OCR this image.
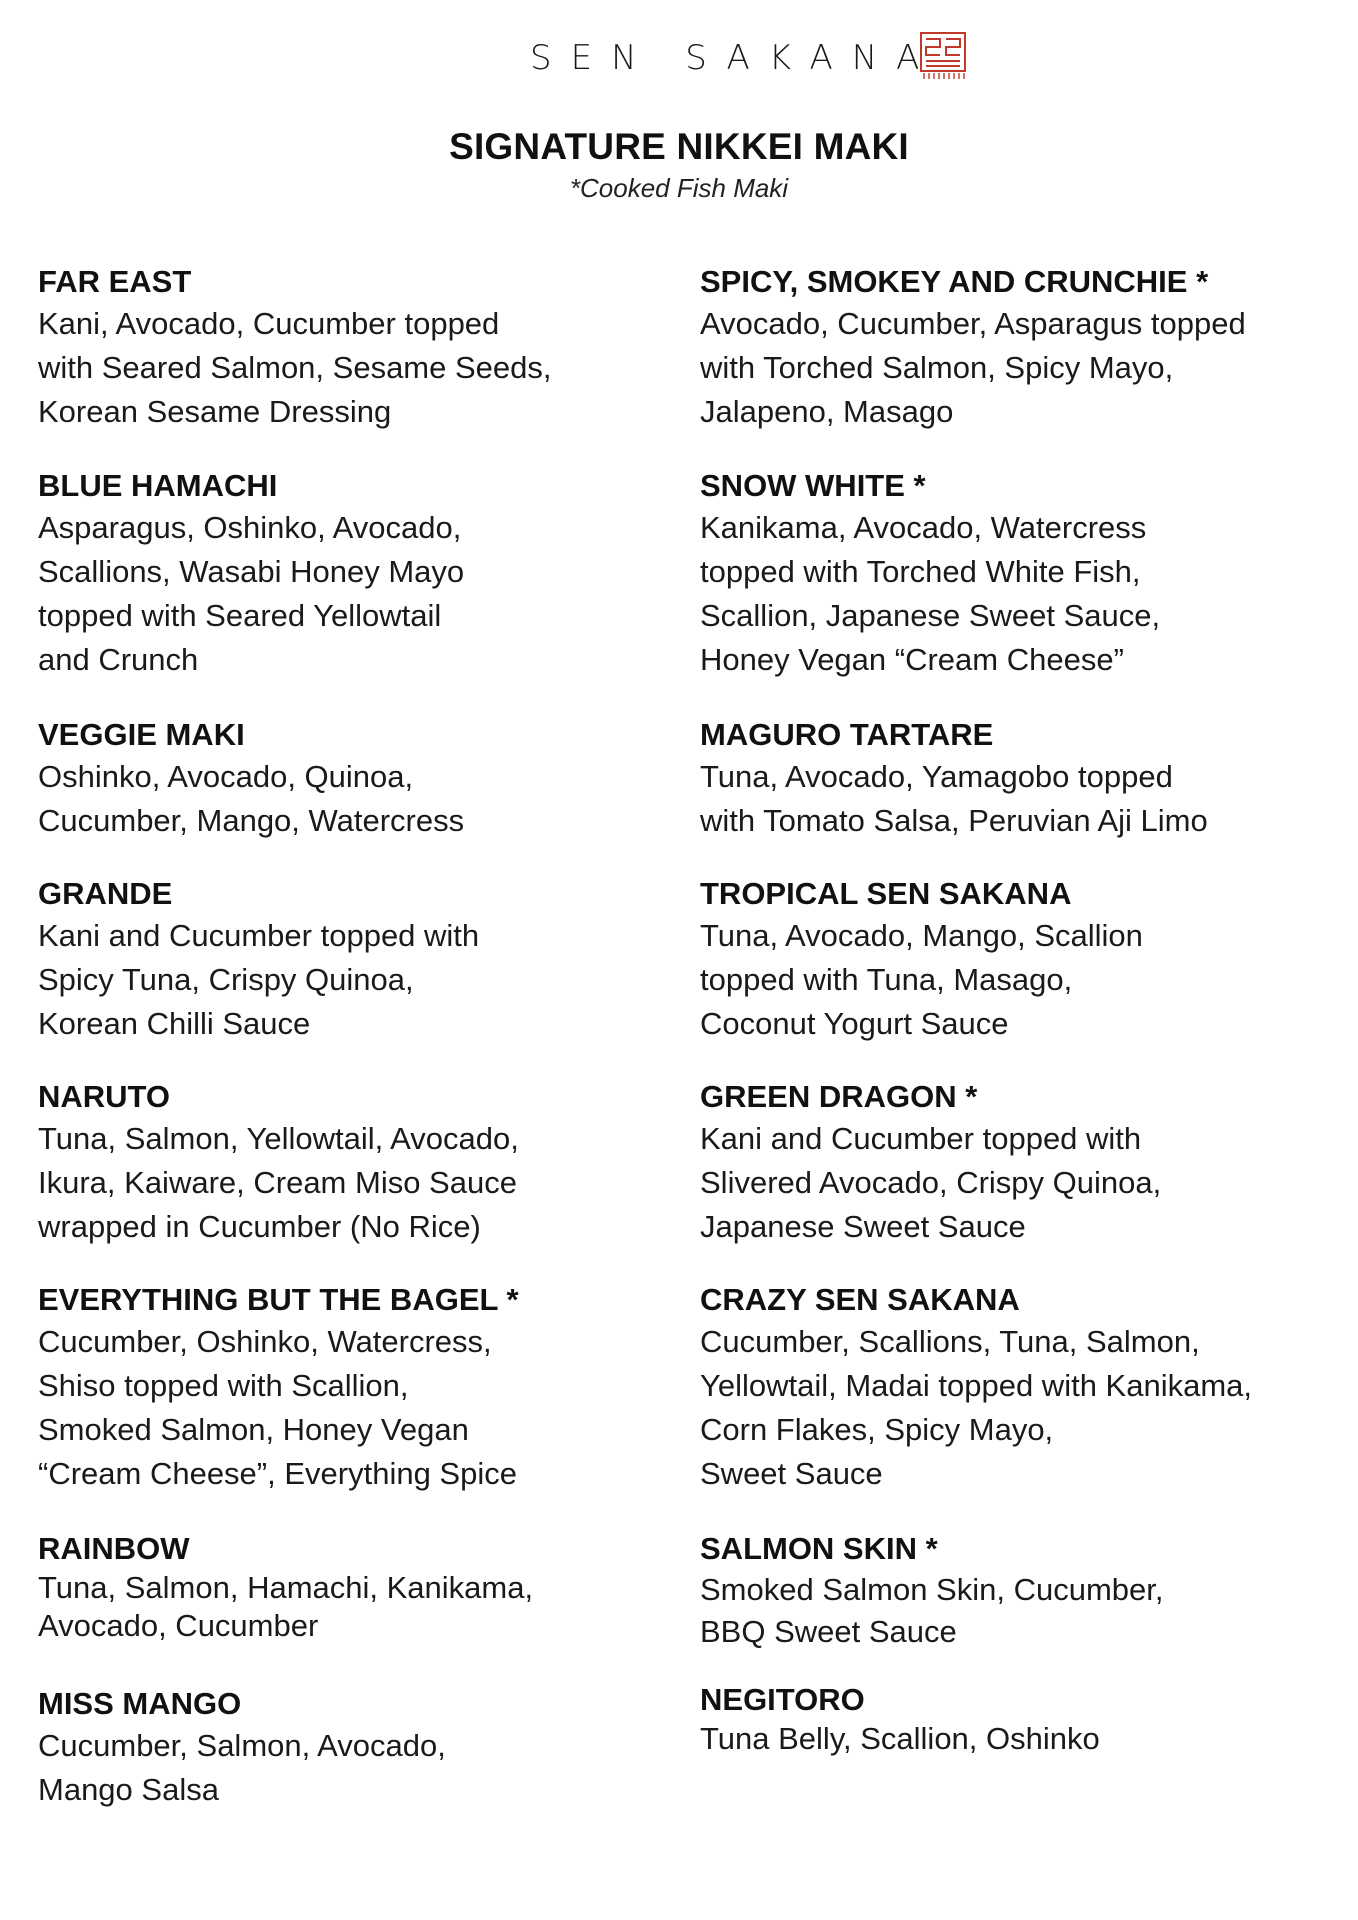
SEN SAKANA
SIGNATURE NIKKEI MAKI
*Cooked Fish Maki
FAR EAST
Kani, Avocado, Cucumber topped
with Seared Salmon, Sesame Seeds,
Korean Sesame Dressing
BLUE HAMACHI
Asparagus, Oshinko, Avocado,
Scallions, Wasabi Honey Mayo
topped with Seared Yellowtail
and Crunch
VEGGIE MAKI
Oshinko, Avocado, Quinoa,
Cucumber, Mango, Watercress
GRANDE
Kani and Cucumber topped with
Spicy Tuna, Crispy Quinoa,
Korean Chilli Sauce
NARUTO
Tuna, Salmon, Yellowtail, Avocado,
Ikura, Kaiware, Cream Miso Sauce
wrapped in Cucumber (No Rice)
EVERYTHING BUT THE BAGEL *
Cucumber, Oshinko, Watercress,
Shiso topped with Scallion,
Smoked Salmon, Honey Vegan
“Cream Cheese”, Everything Spice
RAINBOW
Tuna, Salmon, Hamachi, Kanikama,
Avocado, Cucumber
MISS MANGO
Cucumber, Salmon, Avocado,
Mango Salsa
SPICY, SMOKEY AND CRUNCHIE *
Avocado, Cucumber, Asparagus topped
with Torched Salmon, Spicy Mayo,
Jalapeno, Masago
SNOW WHITE *
Kanikama, Avocado, Watercress
topped with Torched White Fish,
Scallion, Japanese Sweet Sauce,
Honey Vegan “Cream Cheese”
MAGURO TARTARE
Tuna, Avocado, Yamagobo topped
with Tomato Salsa, Peruvian Aji Limo
TROPICAL SEN SAKANA
Tuna, Avocado, Mango, Scallion
topped with Tuna, Masago,
Coconut Yogurt Sauce
GREEN DRAGON *
Kani and Cucumber topped with
Slivered Avocado, Crispy Quinoa,
Japanese Sweet Sauce
CRAZY SEN SAKANA
Cucumber, Scallions, Tuna, Salmon,
Yellowtail, Madai topped with Kanikama,
Corn Flakes, Spicy Mayo,
Sweet Sauce
SALMON SKIN *
Smoked Salmon Skin, Cucumber,
BBQ Sweet Sauce
NEGITORO
Tuna Belly, Scallion, Oshinko
